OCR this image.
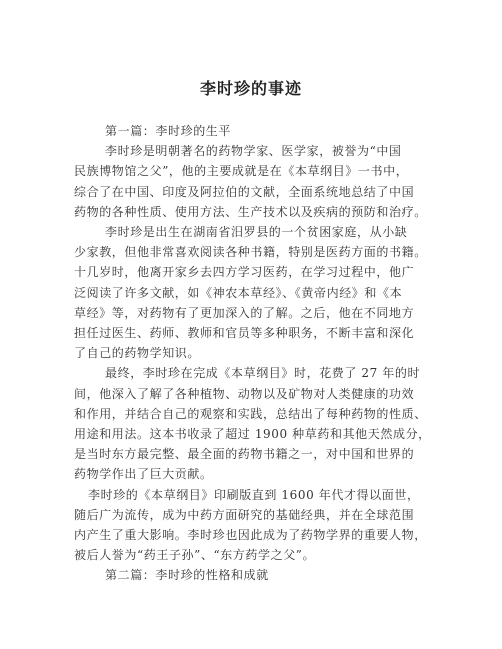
李时珍的事迹
第一篇：李时珍的生平
李时珍是明朝著名的药物学家、医学家，被誉为“中国
民族博物馆之父”，他的主要成就是在《本草纲目》一书中，
综合了在中国、印度及阿拉伯的文献，全面系统地总结了中国
药物的各种性质、使用方法、生产技术以及疾病的预防和治疗。
李时珍是出生在湖南省汨罗县的一个贫困家庭，从小缺
少家教，但他非常喜欢阅读各种书籍，特别是医药方面的书籍。
十几岁时，他离开家乡去四方学习医药，在学习过程中，他广
泛阅读了许多文献，如《神农本草经》、《黄帝内经》和《本
草经》等，对药物有了更加深入的了解。之后，他在不同地方
担任过医生、药师、教师和官员等多种职务，不断丰富和深化
了自己的药物学知识。
最终，李时珍在完成《本草纲目》时，花费了 27 年的时
间，他深入了解了各种植物、动物以及矿物对人类健康的功效
和作用，并结合自己的观察和实践，总结出了每种药物的性质、
用途和用法。这本书收录了超过 1900 种草药和其他天然成分，
是当时东方最完整、最全面的药物书籍之一，对中国和世界的
药物学作出了巨大贡献。
李时珍的《本草纲目》印刷版直到 1600 年代才得以面世，
随后广为流传，成为中药方面研究的基础经典，并在全球范围
内产生了重大影响。李时珍也因此成为了药物学界的重要人物，
被后人誉为“药王子孙”、“东方药学之父”。
第二篇：李时珍的性格和成就
